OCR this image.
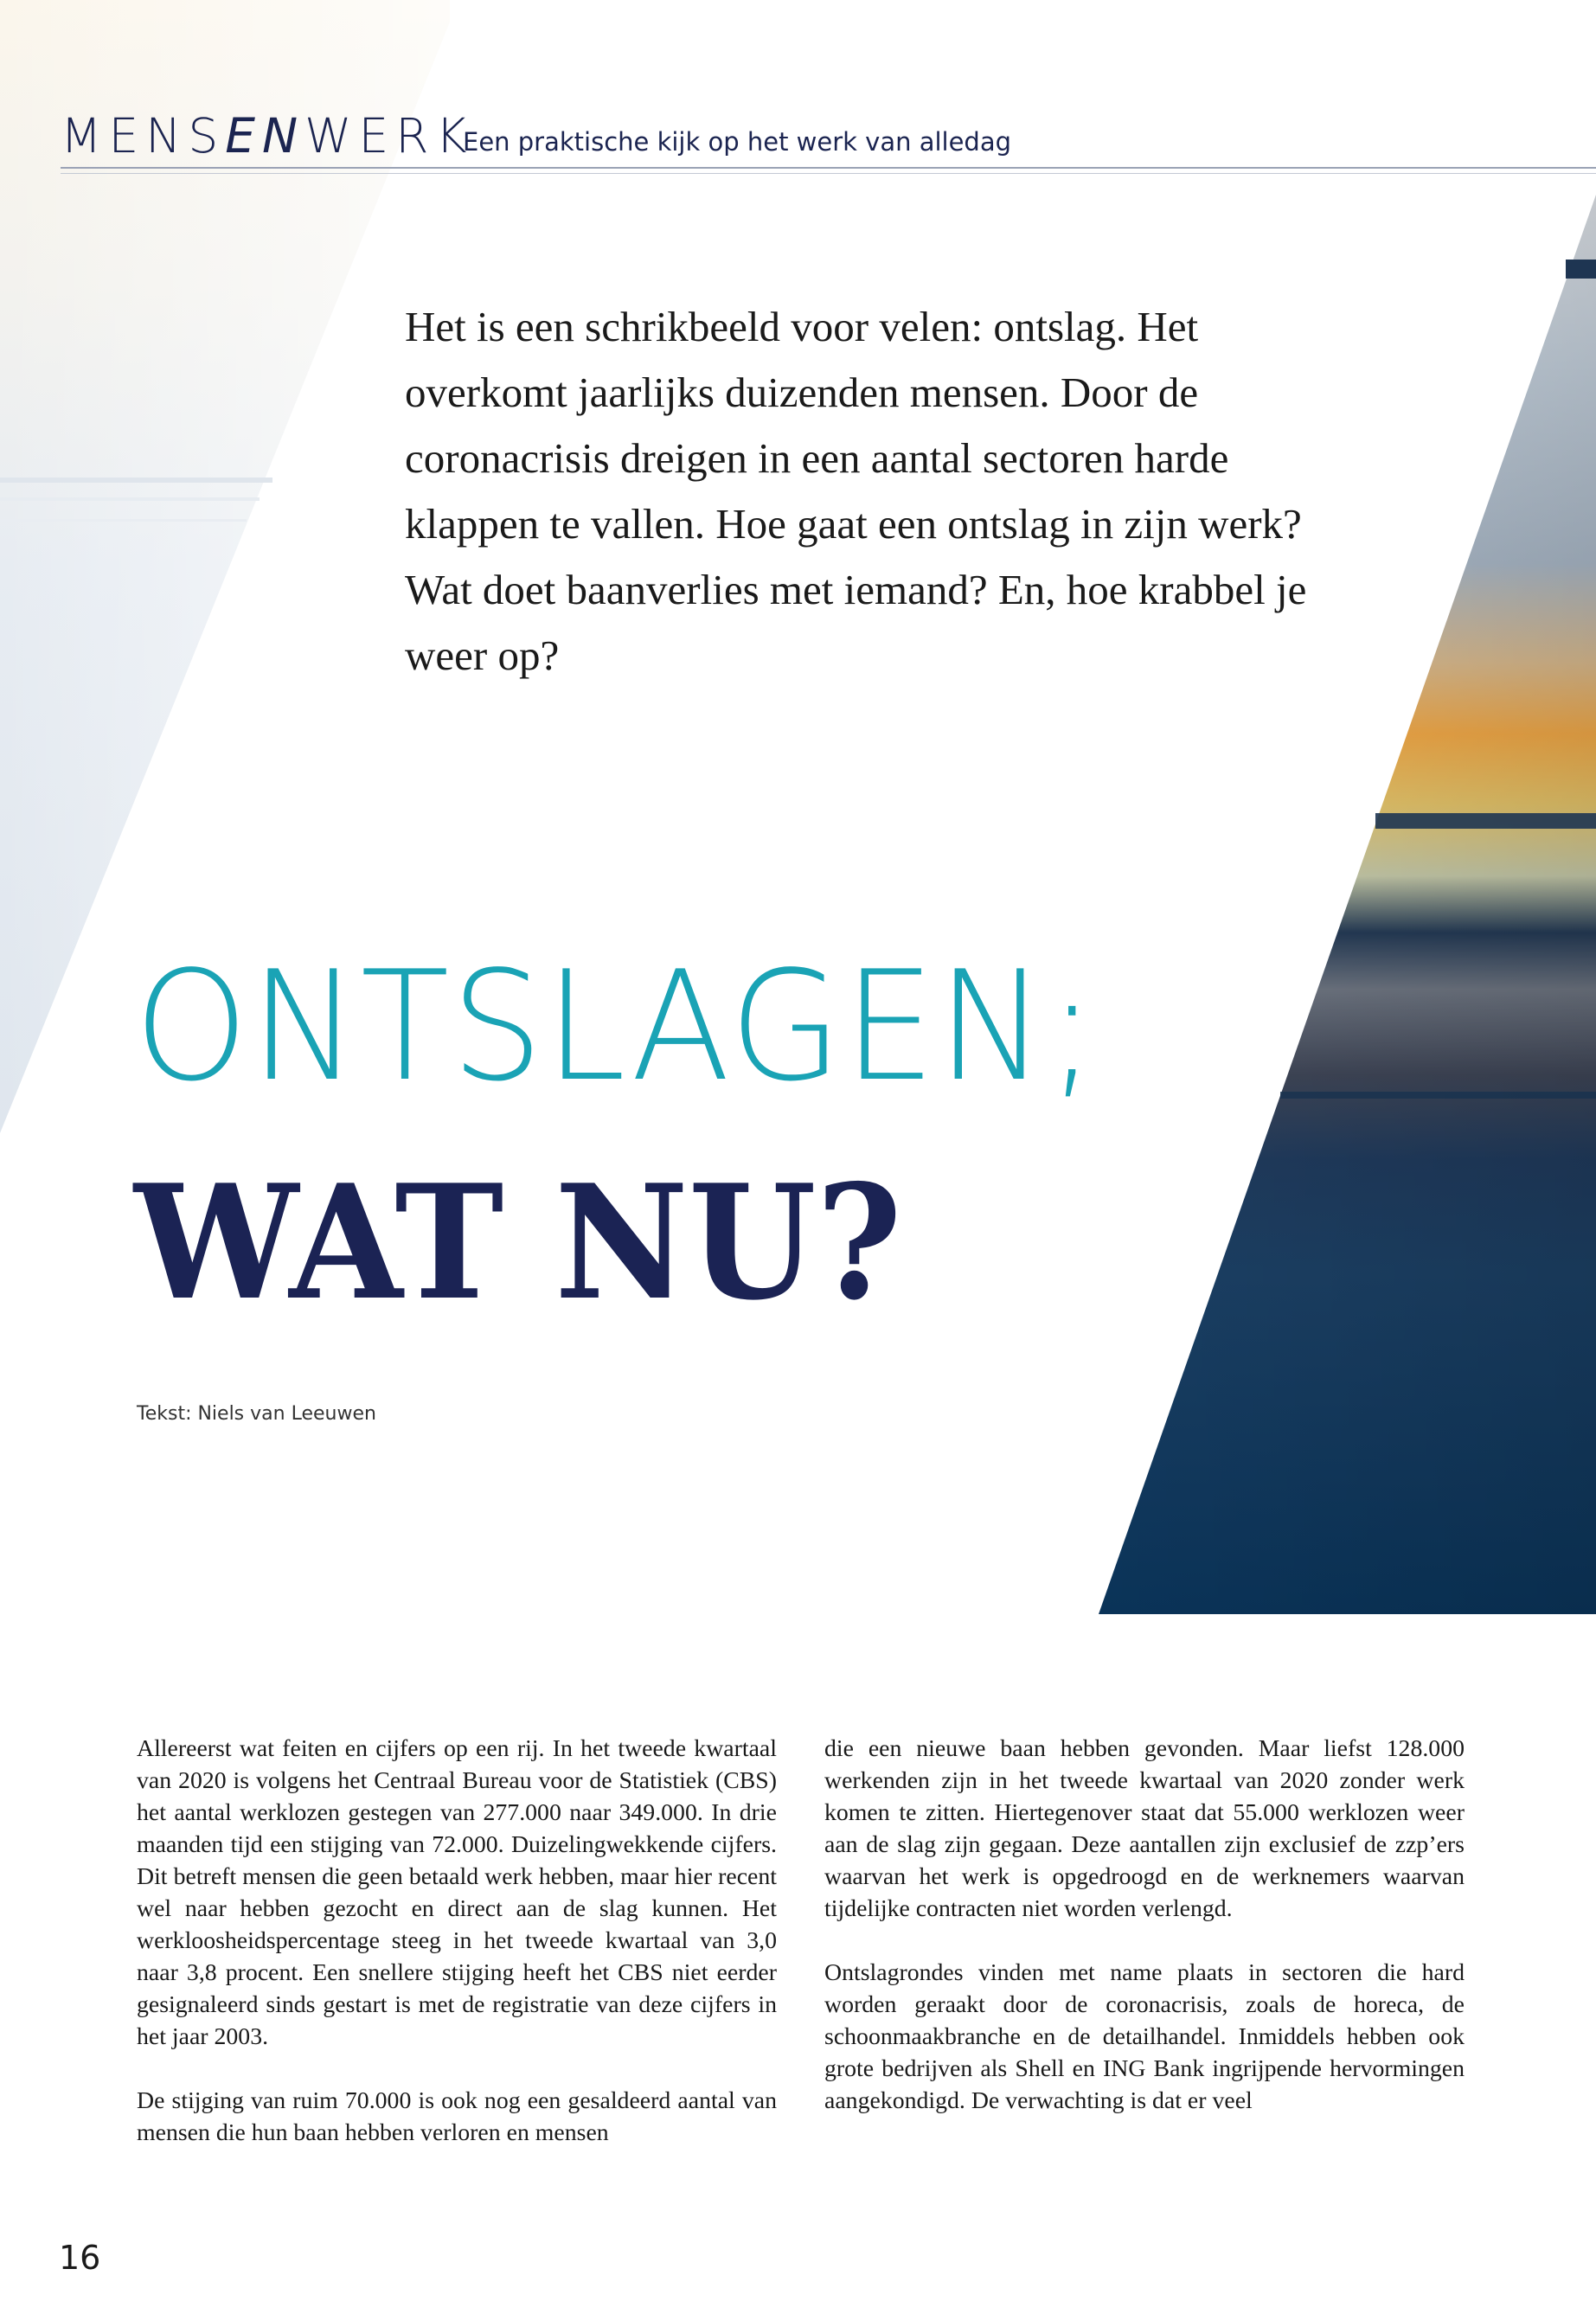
MENSENWERK
Een praktische kijk op het werk van alledag

Het is een schrikbeeld voor velen: ontslag. Het overkomt jaarlijks duizenden mensen. Door de coronacrisis dreigen in een aantal sectoren harde klappen te vallen. Hoe gaat een ontslag in zijn werk? Wat doet baanverlies met iemand? En, hoe krabbel je weer op?

ONTSLAGEN;
WAT NU?
Tekst: Niels van Leeuwen

Allereerst wat feiten en cijfers op een rij. In het tweede kwartaal van 2020 is volgens het Centraal Bureau voor de Statistiek (CBS) het aantal werklozen gestegen van 277.000 naar 349.000. In drie maanden tijd een stijging van 72.000. Duizelingwekkende cijfers. Dit betreft mensen die geen betaald werk hebben, maar hier recent wel naar hebben gezocht en direct aan de slag kunnen. Het werkloosheidspercentage steeg in het tweede kwartaal van 3,0 naar 3,8 procent. Een snellere stijging heeft het CBS niet eerder gesignaleerd sinds gestart is met de registratie van deze cijfers in het jaar 2003.

De stijging van ruim 70.000 is ook nog een gesaldeerd aantal van mensen die hun baan hebben verloren en mensen

die een nieuwe baan hebben gevonden. Maar liefst 128.000 werkenden zijn in het tweede kwartaal van 2020 zonder werk komen te zitten. Hiertegenover staat dat 55.000 werklozen weer aan de slag zijn gegaan. Deze aantallen zijn exclusief de zzp’ers waarvan het werk is opgedroogd en de werknemers waarvan tijdelijke contracten niet worden verlengd.

Ontslagrondes vinden met name plaats in sectoren die hard worden geraakt door de coronacrisis, zoals de horeca, de schoonmaakbranche en de detailhandel. Inmiddels hebben ook grote bedrijven als Shell en ING Bank ingrijpende hervormingen aangekondigd. De verwachting is dat er veel

16
